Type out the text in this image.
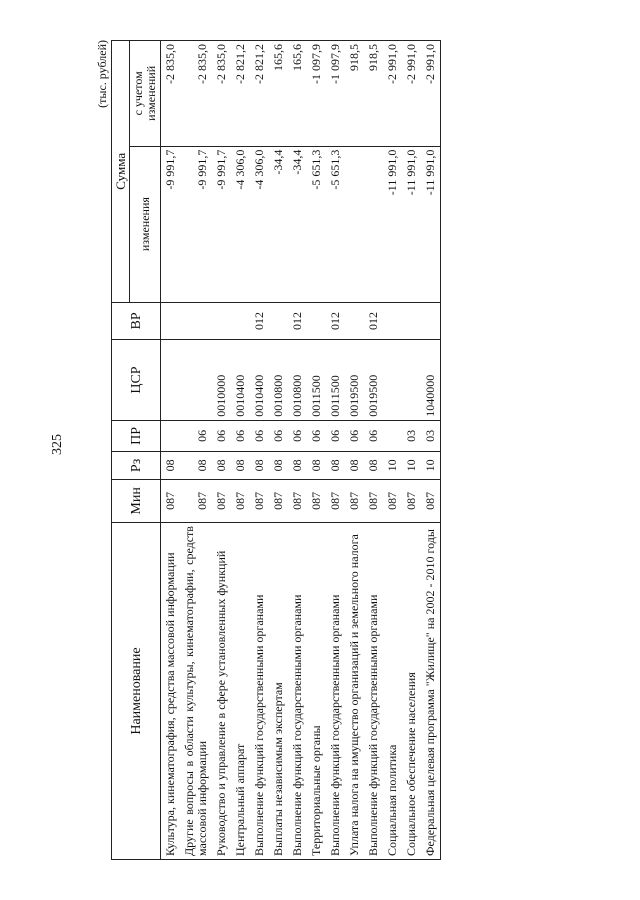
325
(тыс. рублей)
Наименование	Мин	Рз	ПР	ЦСР	ВР	Сумма	
						изменения	с учетом изменений
Культура, кинематография, средства массовой информации	087	08				-9 991,7	-2 835,0
Другие вопросы в области культуры, кинематографии, средств массовой информации	087	08	06			-9 991,7	-2 835,0
Руководство и управление в сфере установленных функций	087	08	06	0010000		-9 991,7	-2 835,0
Центральный аппарат	087	08	06	0010400		-4 306,0	-2 821,2
Выполнение функций государственными органами	087	08	06	0010400	012	-4 306,0	-2 821,2
Выплаты независимым экспертам	087	08	06	0010800		-34,4	165,6
Выполнение функций государственными органами	087	08	06	0010800	012	-34,4	165,6
Территориальные органы	087	08	06	0011500		-5 651,3	-1 097,9
Выполнение функций государственными органами	087	08	06	0011500	012	-5 651,3	-1 097,9
Уплата налога на имущество организаций и земельного налога	087	08	06	0019500			918,5
Выполнение функций государственными органами	087	08	06	0019500	012		918,5
Социальная политика	087	10				-11 991,0	-2 991,0
Социальное обеспечение населения	087	10	03			-11 991,0	-2 991,0
Федеральная целевая программа "Жилище" на 2002 - 2010 годы	087	10	03	1040000		-11 991,0	-2 991,0
